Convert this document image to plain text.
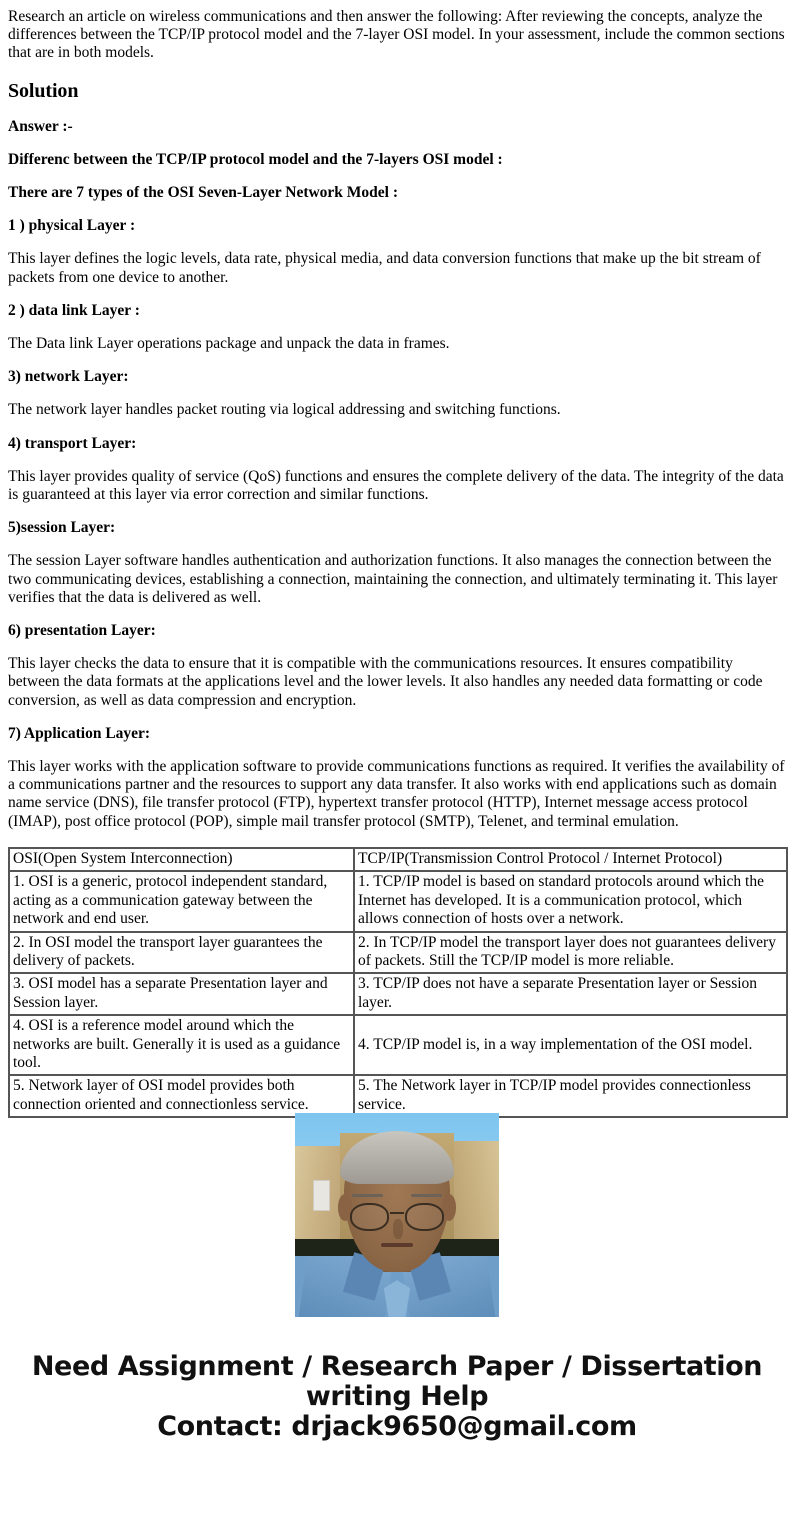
Research an article on wireless communications and then answer the following: After reviewing the concepts, analyze the differences between the TCP/IP protocol model and the 7-layer OSI model. In your assessment, include the common sections that are in both models.

Solution

Answer :-

Differenc between the TCP/IP protocol model and the 7-layers OSI model :

There are 7 types of the OSI Seven-Layer Network Model :

1 ) physical Layer :

This layer defines the logic levels, data rate, physical media, and data conversion functions that make up the bit stream of packets from one device to another.

2 ) data link Layer :

The Data link Layer operations package and unpack the data in frames.

3) network Layer:

The network layer handles packet routing via logical addressing and switching functions.

4) transport Layer:

This layer provides quality of service (QoS) functions and ensures the complete delivery of the data. The integrity of the data is guaranteed at this layer via error correction and similar functions.

5)session Layer:

The session Layer software handles authentication and authorization functions. It also manages the connection between the two communicating devices, establishing a connection, maintaining the connection, and ultimately terminating it. This layer verifies that the data is delivered as well.

6) presentation Layer:

This layer checks the data to ensure that it is compatible with the communications resources. It ensures compatibility between the data formats at the applications level and the lower levels. It also handles any needed data formatting or code conversion, as well as data compression and encryption.

7) Application Layer:

This layer works with the application software to provide communications functions as required. It verifies the availability of a communications partner and the resources to support any data transfer. It also works with end applications such as domain name service (DNS), file transfer protocol (FTP), hypertext transfer protocol (HTTP), Internet message access protocol (IMAP), post office protocol (POP), simple mail transfer protocol (SMTP), Telenet, and terminal emulation.

OSI(Open System Interconnection)	TCP/IP(Transmission Control Protocol / Internet Protocol)
1. OSI is a generic, protocol independent standard, acting as a communication gateway between the network and end user.	1. TCP/IP model is based on standard protocols around which the Internet has developed. It is a communication protocol, which allows connection of hosts over a network.
2. In OSI model the transport layer guarantees the delivery of packets.	2. In TCP/IP model the transport layer does not guarantees delivery of packets. Still the TCP/IP model is more reliable.
3. OSI model has a separate Presentation layer and Session layer.	3. TCP/IP does not have a separate Presentation layer or Session layer.
4. OSI is a reference model around which the networks are built. Generally it is used as a guidance tool.	4. TCP/IP model is, in a way implementation of the OSI model.
5. Network layer of OSI model provides both connection oriented and connectionless service.	5. The Network layer in TCP/IP model provides connectionless service.
Need Assignment / Research Paper / Dissertation
writing Help
Contact: drjack9650@gmail.com
